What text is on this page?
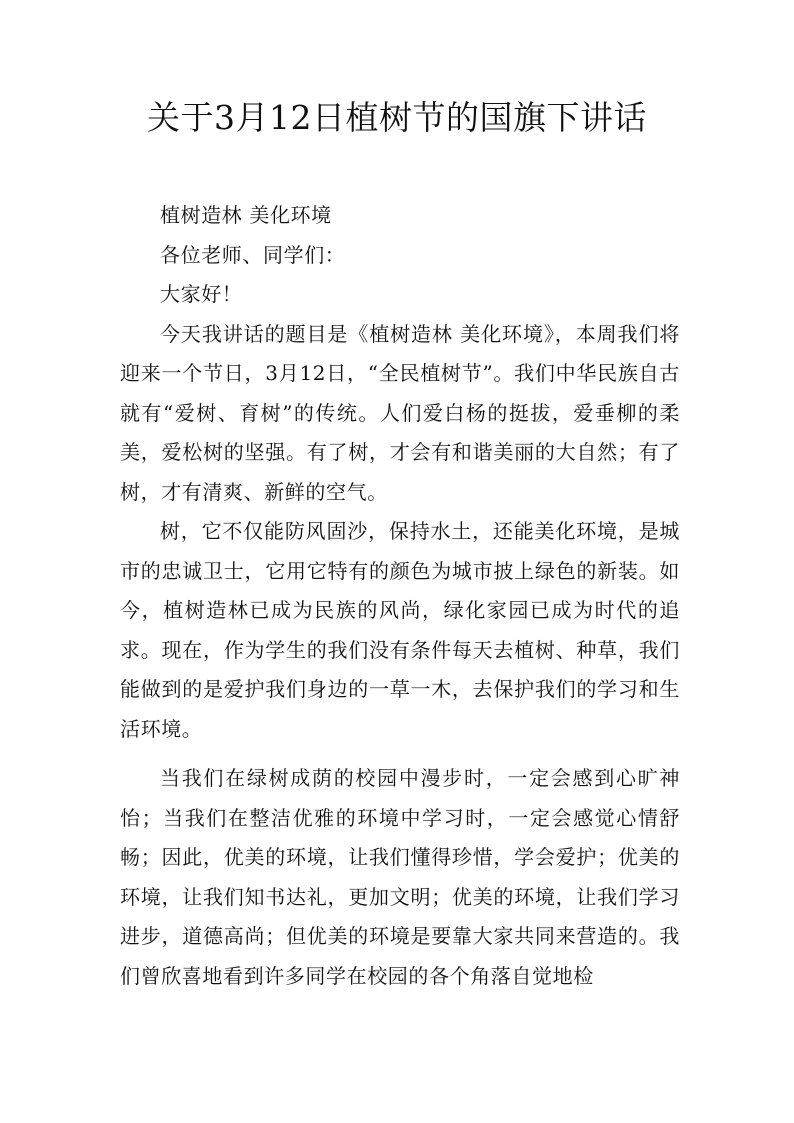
关于3月12日植树节的国旗下讲话

植树造林 美化环境

各位老师、同学们：

大家好！

今天我讲话的题目是《植树造林 美化环境》，本周我们将迎来一个节日，3月12日，“全民植树节”。我们中华民族自古就有“爱树、育树”的传统。人们爱白杨的挺拔，爱垂柳的柔美，爱松树的坚强。有了树，才会有和谐美丽的大自然；有了树，才有清爽、新鲜的空气。

树，它不仅能防风固沙，保持水土，还能美化环境，是城市的忠诚卫士，它用它特有的颜色为城市披上绿色的新装。如今，植树造林已成为民族的风尚，绿化家园已成为时代的追求。现在，作为学生的我们没有条件每天去植树、种草，我们能做到的是爱护我们身边的一草一木，去保护我们的学习和生活环境。

当我们在绿树成荫的校园中漫步时，一定会感到心旷神怡；当我们在整洁优雅的环境中学习时，一定会感觉心情舒畅；因此，优美的环境，让我们懂得珍惜，学会爱护；优美的环境，让我们知书达礼，更加文明；优美的环境，让我们学习进步，道德高尚；但优美的环境是要靠大家共同来营造的。我们曾欣喜地看到许多同学在校园的各个角落自觉地检
